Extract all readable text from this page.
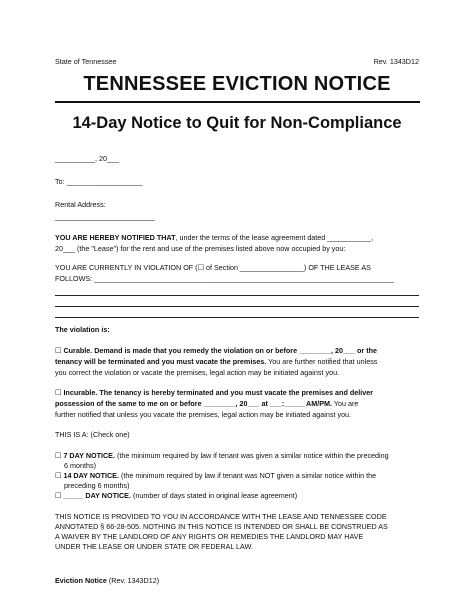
State of Tennessee	Rev. 1343D12
TENNESSEE EVICTION NOTICE
14-Day Notice to Quit for Non-Compliance
__________, 20___
To: ___________________
Rental Address:
_________________________
YOU ARE HEREBY NOTIFIED THAT, under the terms of the lease agreement dated ___________,
20___ (the "Lease") for the rent and use of the premises listed above now occupied by you:
YOU ARE CURRENTLY IN VIOLATION OF (☐ of Section ________________) OF THE LEASE AS
FOLLOWS: ___________________________________________________________________________
The violation is:
☐ Curable. Demand is made that you remedy the violation on or before ________, 20___ or the
tenancy will be terminated and you must vacate the premises. You are further notified that unless
you correct the violation or vacate the premises, legal action may be initiated against you.
☐ Incurable. The tenancy is hereby terminated and you must vacate the premises and deliver
possession of the same to me on or before ________, 20___ at ___:_____ AM/PM. You are
further notified that unless you vacate the premises, legal action may be initiated against you.
THIS IS A: (Check one)
☐ 7 DAY NOTICE. (the minimum required by law if tenant was given a similar notice within the preceding
6 months)
☐ 14 DAY NOTICE. (the minimum required by law if tenant was NOT given a similar notice within the
preceding 6 months)
☐ _____ DAY NOTICE. (number of days stated in original lease agreement)
THIS NOTICE IS PROVIDED TO YOU IN ACCORDANCE WITH THE LEASE AND TENNESSEE CODE
ANNOTATED § 66-28-505. NOTHING IN THIS NOTICE IS INTENDED OR SHALL BE CONSTRUED AS
A WAIVER BY THE LANDLORD OF ANY RIGHTS OR REMEDIES THE LANDLORD MAY HAVE
UNDER THE LEASE OR UNDER STATE OR FEDERAL LAW.
Eviction Notice (Rev. 1343D12)
